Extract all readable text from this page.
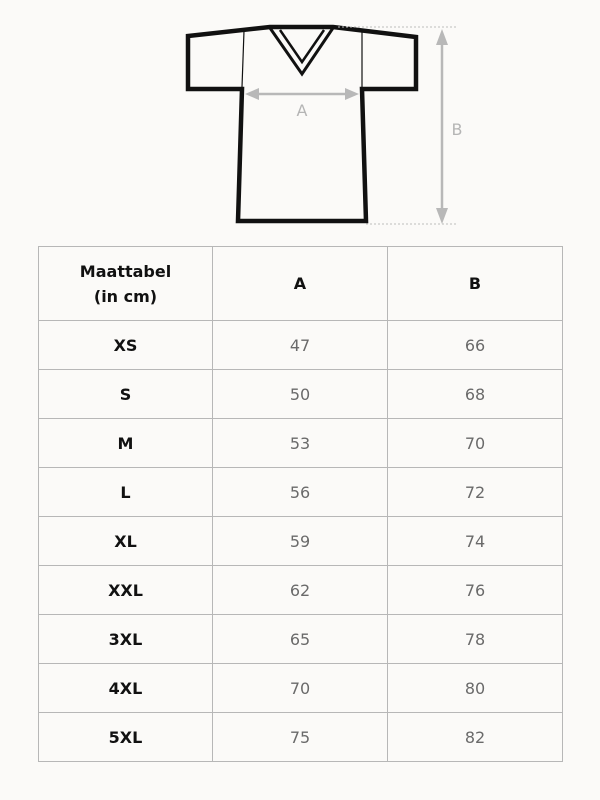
A
B
Maattabel
(in cm)	A	B
XS	47	66
S	50	68
M	53	70
L	56	72
XL	59	74
XXL	62	76
3XL	65	78
4XL	70	80
5XL	75	82
